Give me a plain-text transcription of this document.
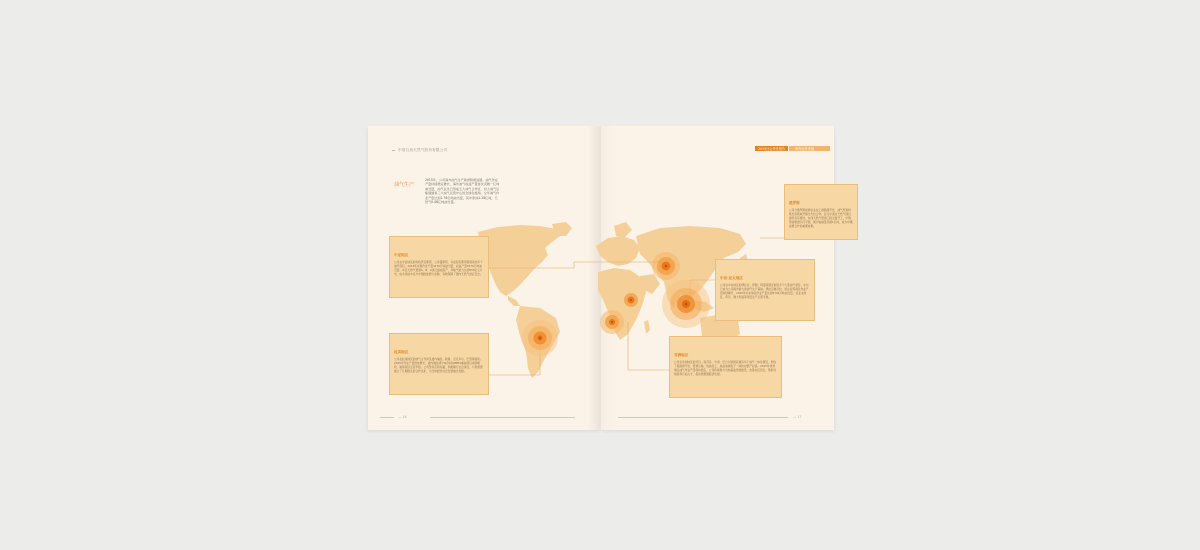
中国石油天然气股份有限公司	2015社会责任报告	海外业务发展
油气生产
2015年，公司海外油气生产取得积极进展。油气作业产量持续稳定增长，海外油气权益产量首次突破一亿吨油当量，油气业务已形成五大油气合作区、四大油气运输通道和三大油气运营中心的全球化格局。全年油气作业产量达到1.76亿吨油当量，其中原油1.28亿吨，天然气0.48亿吨油当量。
中亚地区
公司在中亚地区拥有哈萨克斯坦、土库曼斯坦、乌兹别克斯坦等国家的多个油气项目，2015年实现作业产量4170万吨油当量，权益产量2270万吨油当量。中亚天然气管道A、B、C线已建成投产，年输气能力达到550亿立方米，成为连接中亚与中国的能源大动脉，有效保障了国内天然气供应安全。
拉美地区
公司在拉美地区的油气合作涉及委内瑞拉、秘鲁、厄瓜多尔、巴西等国家。2015年作业产量稳步增长，委内瑞拉胡宁4区块和MPE3重油项目进展顺利，秘鲁项目运营平稳。公司坚持互利共赢，积极履行社会责任，与资源国建立了长期稳定的合作关系，为当地经济社会发展做出贡献。
俄罗斯
公司与俄罗斯能源企业在上游勘探开发、油气贸易和炼化等领域开展全方位合作。亚马尔液化天然气项目建设有序推进，东线天然气管道工程全面开工，中俄原油管道运行平稳，累计输油量突破1亿吨，成为中俄能源合作的重要成果。
中东·亚太地区
公司在中东地区的伊拉克、伊朗、阿曼等国家拥有多个大型油气项目，中东已成为公司海外最大的油气生产基地。伊拉克鲁迈拉、哈法亚等项目作业产量持续攀升，2015年中东地区作业产量达到5700万吨油当量，在亚太地区，印尼、澳大利亚等项目生产运营平稳。
非洲地区
公司在非洲地区的苏丹、南苏丹、乍得、尼日尔等国家拥有多个油气一体化项目，形成了集勘探开发、管道运输、炼油化工、成品油销售于一体的完整产业链。2015年非洲地区油气作业产量保持稳定，公司积极参与当地基础设施建设，改善社区民生，帮助当地培养石油人才，促进资源国经济发展。
— 16	— 17
